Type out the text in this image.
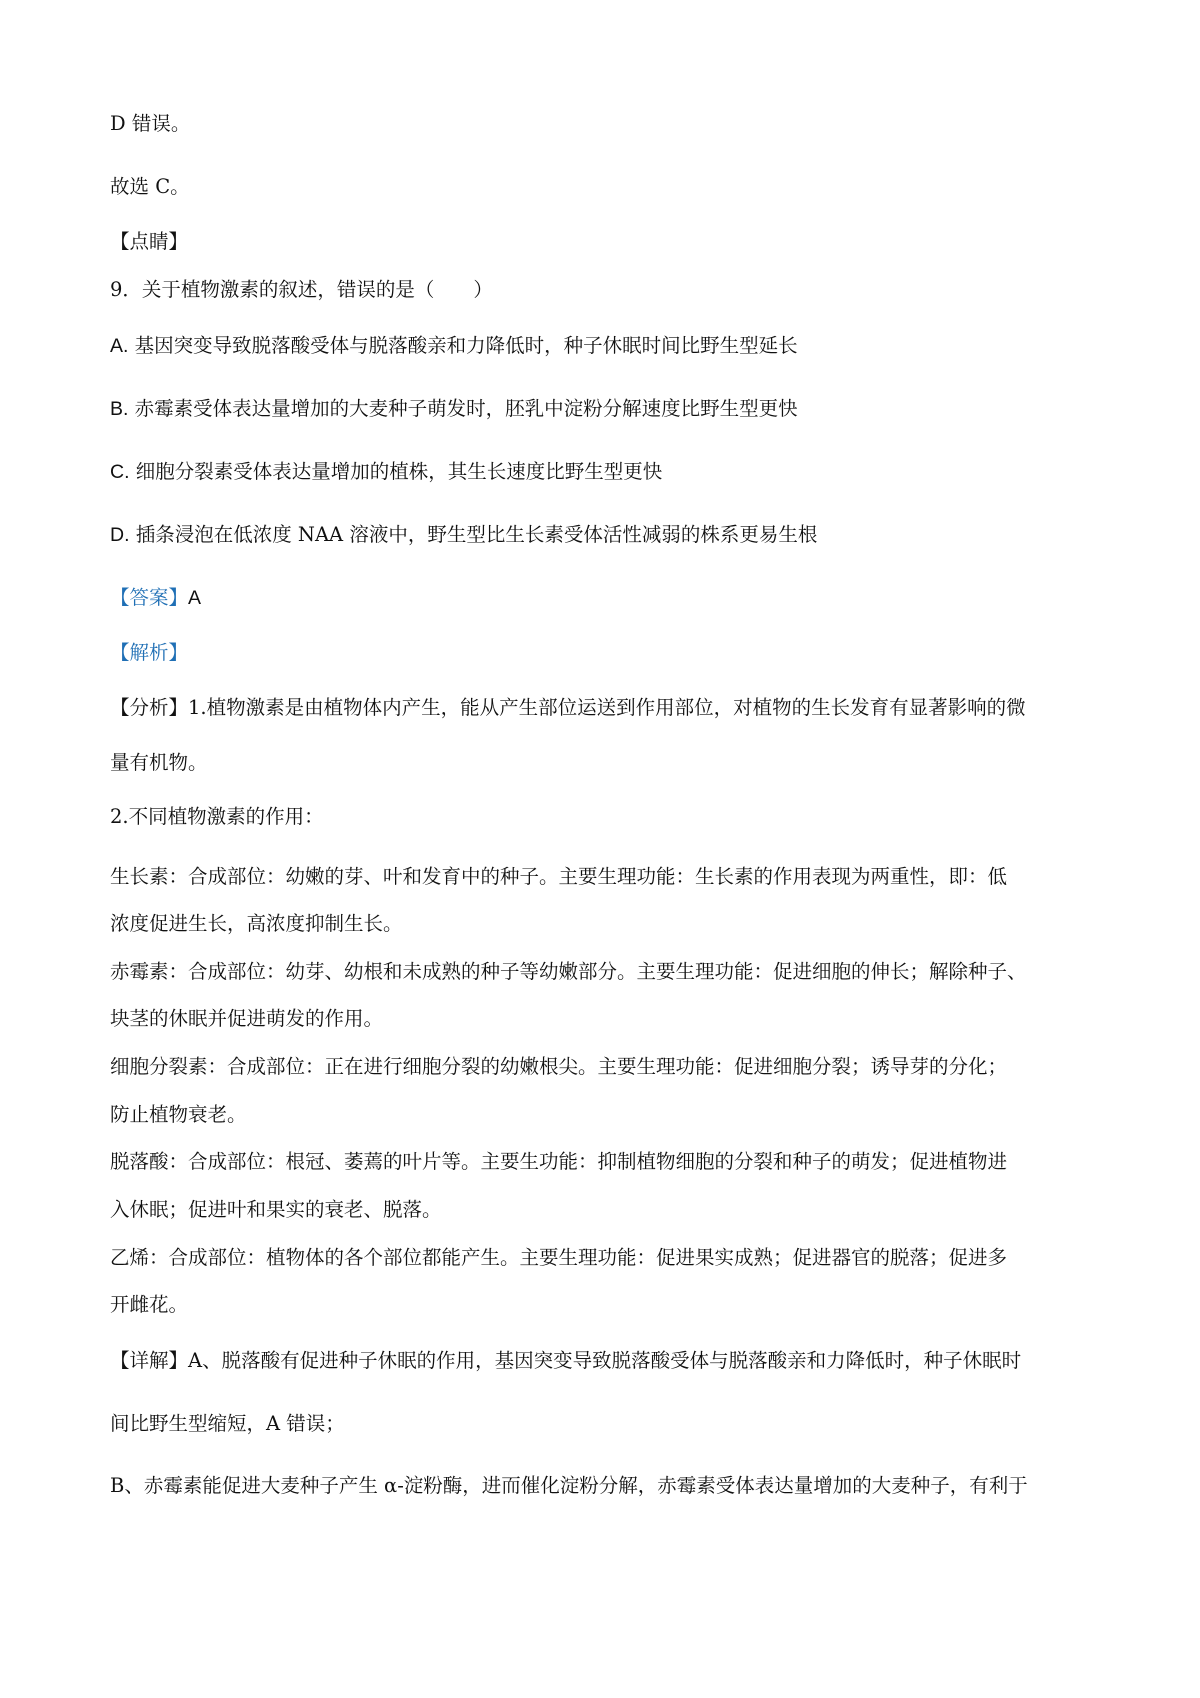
D 错误。
故选 C。
【点睛】
9．关于植物激素的叙述，错误的是（　　）
A. 基因突变导致脱落酸受体与脱落酸亲和力降低时，种子休眠时间比野生型延长
B. 赤霉素受体表达量增加的大麦种子萌发时，胚乳中淀粉分解速度比野生型更快
C. 细胞分裂素受体表达量增加的植株，其生长速度比野生型更快
D. 插条浸泡在低浓度 NAA 溶液中，野生型比生长素受体活性减弱的株系更易生根
【答案】A
【解析】
【分析】1.植物激素是由植物体内产生，能从产生部位运送到作用部位，对植物的生长发育有显著影响的微
量有机物。
2.不同植物激素的作用：
生长素：合成部位：幼嫩的芽、叶和发育中的种子。主要生理功能：生长素的作用表现为两重性，即：低
浓度促进生长，高浓度抑制生长。
赤霉素：合成部位：幼芽、幼根和未成熟的种子等幼嫩部分。主要生理功能：促进细胞的伸长；解除种子、
块茎的休眠并促进萌发的作用。
细胞分裂素：合成部位：正在进行细胞分裂的幼嫩根尖。主要生理功能：促进细胞分裂；诱导芽的分化；
防止植物衰老。
脱落酸：合成部位：根冠、萎蔫的叶片等。主要生功能：抑制植物细胞的分裂和种子的萌发；促进植物进
入休眠；促进叶和果实的衰老、脱落。
乙烯：合成部位：植物体的各个部位都能产生。主要生理功能：促进果实成熟；促进器官的脱落；促进多
开雌花。
【详解】A、脱落酸有促进种子休眠的作用，基因突变导致脱落酸受体与脱落酸亲和力降低时，种子休眠时
间比野生型缩短，A 错误；
B、赤霉素能促进大麦种子产生 α-淀粉酶，进而催化淀粉分解，赤霉素受体表达量增加的大麦种子，有利于
